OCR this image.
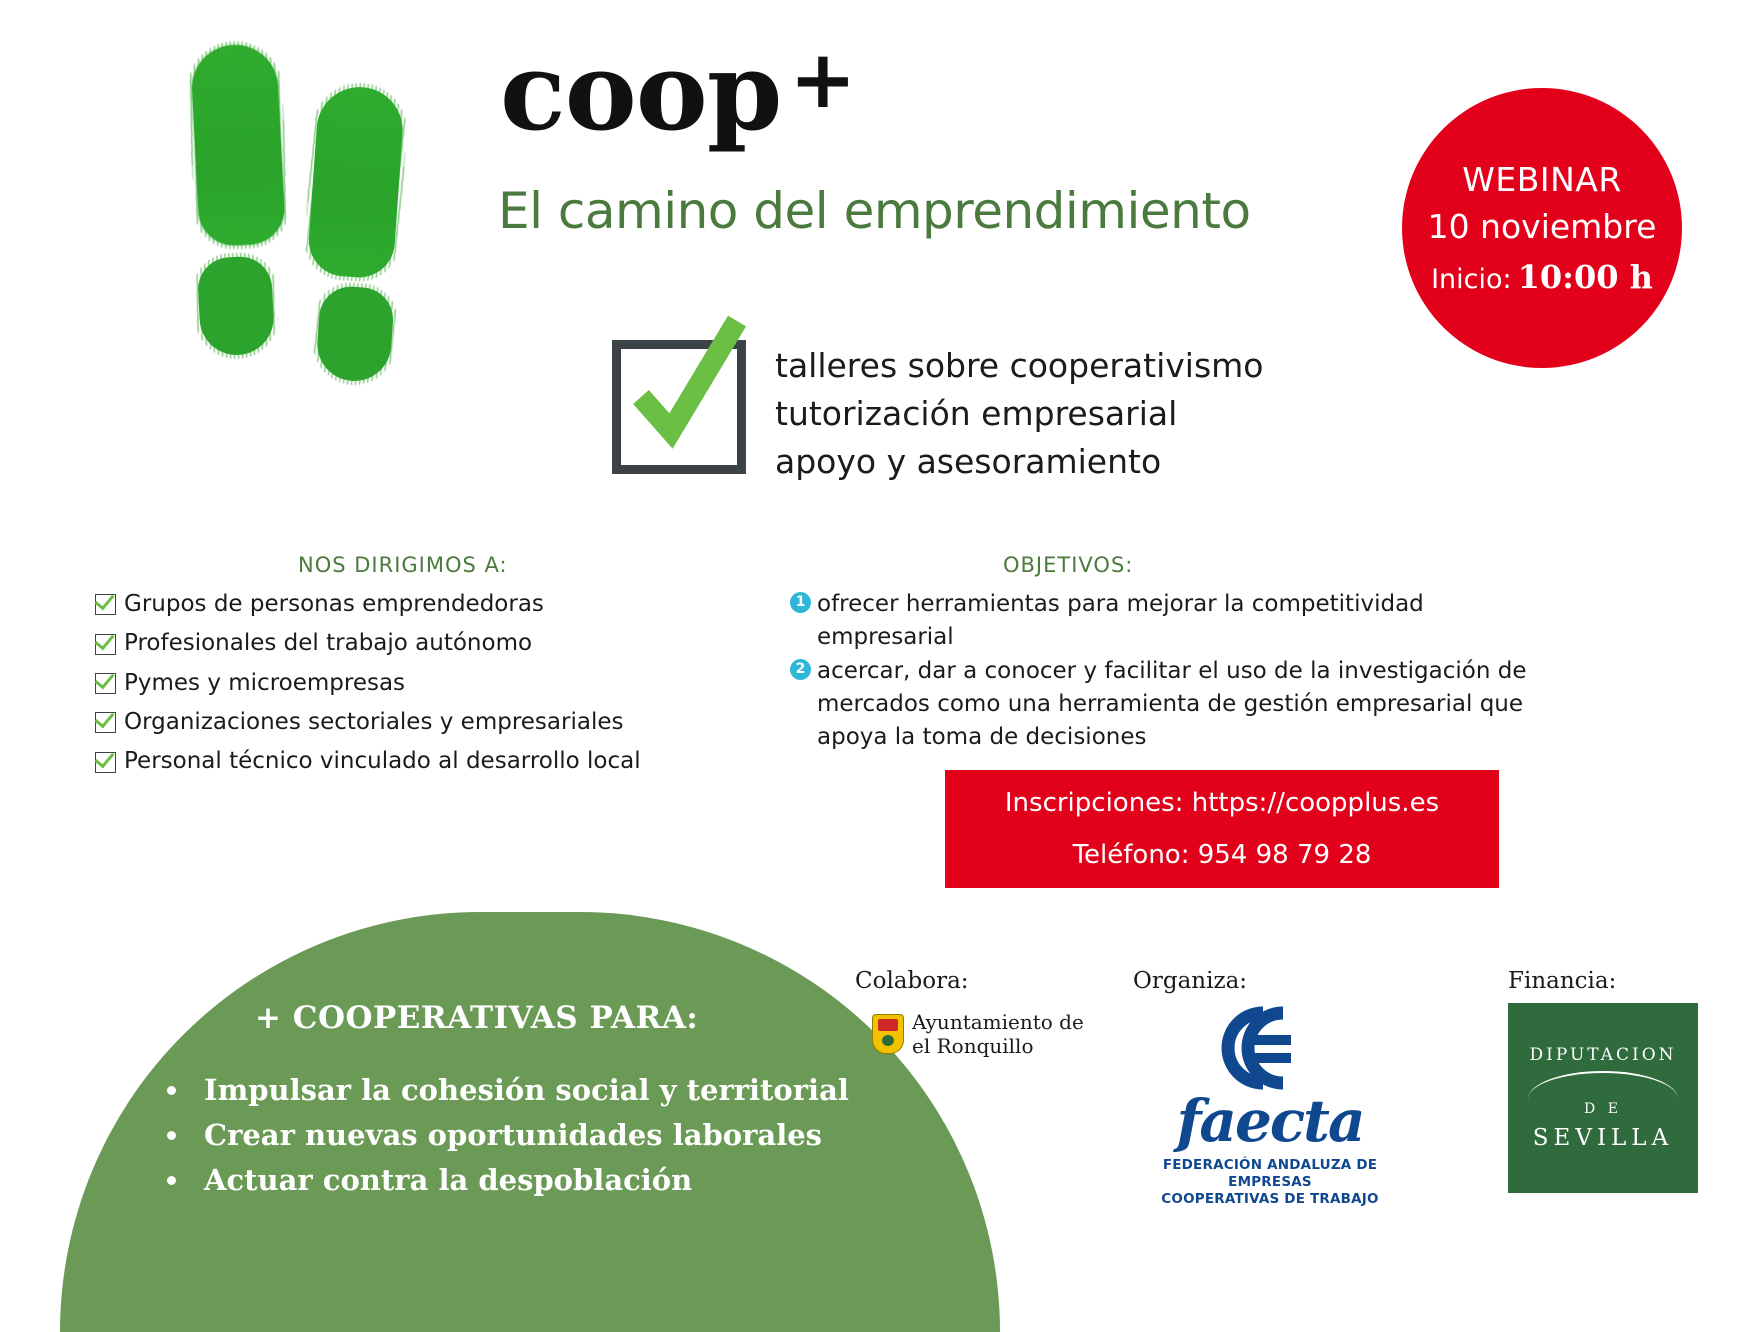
coop +
El camino del emprendimiento
WEBINAR
10 noviembre
Inicio: 10:00 h
talleres sobre cooperativismo
tutorización empresarial
apoyo y asesoramiento
NOS DIRIGIMOS A:
Grupos de personas emprendedoras
Profesionales del trabajo autónomo
Pymes y microempresas
Organizaciones sectoriales y empresariales
Personal técnico vinculado al desarrollo local
OBJETIVOS:
1 ofrecer herramientas para mejorar la competitividad empresarial
2 acercar, dar a conocer y facilitar el uso de la investigación de mercados como una herramienta de gestión empresarial que apoya la toma de decisiones
Inscripciones: https://coopplus.es
Teléfono: 954 98 79 28
+ COOPERATIVAS PARA:
• Impulsar la cohesión social y territorial
• Crear nuevas oportunidades laborales
• Actuar contra la despoblación
Colabora:
Ayuntamiento de
el Ronquillo
Organiza:
faecta
FEDERACIÓN ANDALUZA DE EMPRESAS
COOPERATIVAS DE TRABAJO
Financia:
DIPUTACION
D E
SEVILLA
